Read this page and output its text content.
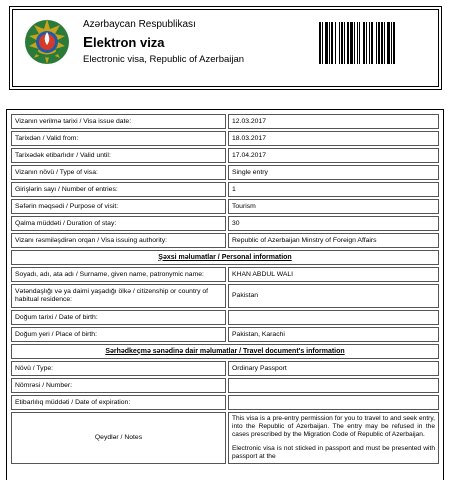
Azərbaycan Respublikası
Elektron viza
Electronic visa, Republic of Azerbaijan
Vizanın verilmə tarixi / Visa issue date:	12.03.2017
Tarixdən / Valid from:	18.03.2017
Tarixədək etibarlıdır / Valid until:	17.04.2017
Vizanın növü / Type of visa:	Single entry
Girişlərin sayı / Number of entries:	1
Səfərin məqsədi / Purpose of visit:	Tourism
Qalma müddəti / Duration of stay:	30
Vizanı rəsmiləşdirən orqan / Visa issuing authority:	Republic of Azerbaijan Minstry of Foreign Affairs
Şəxsi məlumatlar / Personal information	
Soyadı, adı, ata adı / Surname, given name, patronymic name:	KHAN ABDUL WALI
Vətəndaşlığı və ya daimi yaşadığı ölkə / citizenship or country of habitual residence:	Pakistan
Doğum tarixi / Date of birth:	
Doğum yeri / Place of birth:	Pakistan, Karachi
Sərhədkeçmə sənədinə dair məlumatlar / Travel document's information	
Növü / Type:	Ordinary Passport
Nömrəsi / Number:	
Etibarlılıq müddəti / Date of expiration:	
Qeydlər / Notes	This visa is a pre-entry permission for you to travel to and seek entry, into the Republic of Azerbaijan. The entry may be refused in the cases prescribed by the Migration Code of Republic of Azerbaijan.

Electronic visa is not sticked in passport and must be presented with passport at the
